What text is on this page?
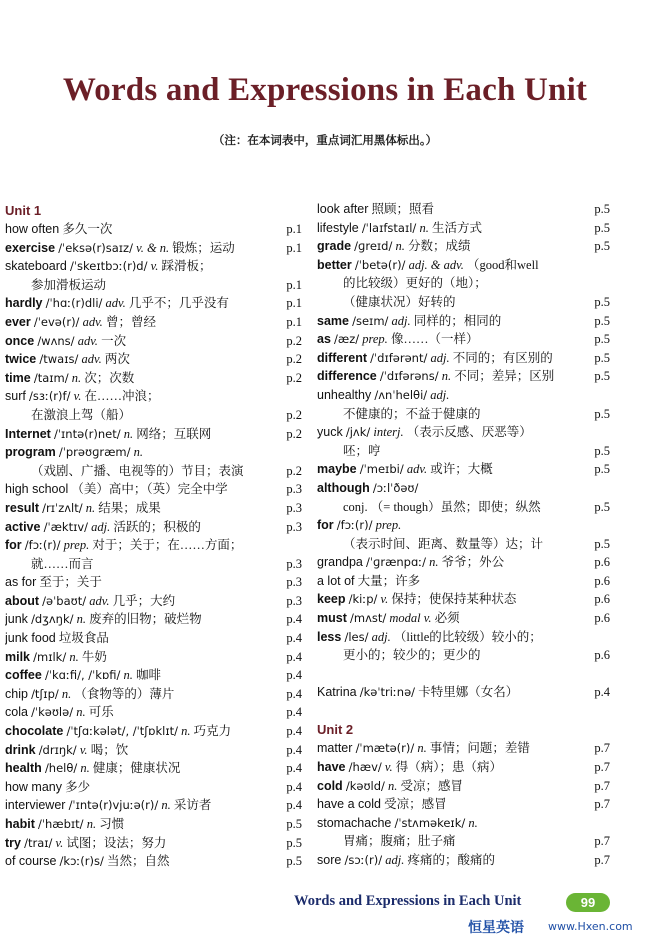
Words and Expressions in Each Unit
（注：在本词表中，重点词汇用黑体标出。）
Unit 1
how often 多久一次	p.1
exercise /ˈeksə(r)saɪz/ v. & n. 锻炼；运动	p.1
skateboard /ˈskeɪtbɔː(r)d/ v. 踩滑板；
参加滑板运动	p.1
hardly /ˈhɑː(r)dli/ adv. 几乎不；几乎没有	p.1
ever /ˈevə(r)/ adv. 曾；曾经	p.1
once /wʌns/ adv. 一次	p.2
twice /twaɪs/ adv. 两次	p.2
time /taɪm/ n. 次；次数	p.2
surf /sɜː(r)f/ v. 在……冲浪；
在激浪上驾（船）	p.2
Internet /ˈɪntə(r)net/ n. 网络；互联网	p.2
program /ˈprəʊɡræm/ n.
（戏剧、广播、电视等的）节目；表演	p.2
high school （美）高中；（英）完全中学	p.3
result /rɪˈzʌlt/ n. 结果；成果	p.3
active /ˈæktɪv/ adj. 活跃的；积极的	p.3
for /fɔː(r)/ prep. 对于；关于；在……方面；
就……而言	p.3
as for 至于；关于	p.3
about /əˈbaʊt/ adv. 几乎；大约	p.3
junk /dʒʌŋk/ n. 废弃的旧物；破烂物	p.4
junk food 垃圾食品	p.4
milk /mɪlk/ n. 牛奶	p.4
coffee /ˈkɑːfi/, /ˈkɒfi/ n. 咖啡	p.4
chip /tʃɪp/ n. （食物等的）薄片	p.4
cola /ˈkəʊlə/ n. 可乐	p.4
chocolate /ˈtʃɑːkələt/, /ˈtʃɒklɪt/ n. 巧克力	p.4
drink /drɪŋk/ v. 喝；饮	p.4
health /helθ/ n. 健康；健康状况	p.4
how many 多少	p.4
interviewer /ˈɪntə(r)vjuːə(r)/ n. 采访者	p.4
habit /ˈhæbɪt/ n. 习惯	p.5
try /traɪ/ v. 试图；设法；努力	p.5
of course /kɔː(r)s/ 当然；自然	p.5
look after 照顾；照看	p.5
lifestyle /ˈlaɪfstaɪl/ n. 生活方式	p.5
grade /ɡreɪd/ n. 分数；成绩	p.5
better /ˈbetə(r)/ adj. & adv. （good和well
的比较级）更好的（地）；
（健康状况）好转的	p.5
same /seɪm/ adj. 同样的；相同的	p.5
as /æz/ prep. 像……（一样）	p.5
different /ˈdɪfərənt/ adj. 不同的；有区别的	p.5
difference /ˈdɪfərəns/ n. 不同；差异；区别	p.5
unhealthy /ʌnˈhelθi/ adj.
不健康的；不益于健康的	p.5
yuck /jʌk/ interj. （表示反感、厌恶等）
呸；哼	p.5
maybe /ˈmeɪbi/ adv. 或许；大概	p.5
although /ɔːlˈðəʊ/
conj. （= though）虽然；即使；纵然	p.5
for /fɔː(r)/ prep.
（表示时间、距离、数量等）达；计	p.5
grandpa /ˈɡrænpɑː/ n. 爷爷；外公	p.6
a lot of 大量；许多	p.6
keep /kiːp/ v. 保持；使保持某种状态	p.6
must /mʌst/ modal v. 必须	p.6
less /les/ adj. （little的比较级）较小的；
更小的；较少的；更少的	p.6
Katrina /kəˈtriːnə/ 卡特里娜（女名）	p.4
Unit 2
matter /ˈmætə(r)/ n. 事情；问题；差错	p.7
have /hæv/ v. 得（病）；患（病）	p.7
cold /kəʊld/ n. 受凉；感冒	p.7
have a cold 受凉；感冒	p.7
stomachache /ˈstʌməkeɪk/ n.
胃痛；腹痛；肚子痛	p.7
sore /sɔː(r)/ adj. 疼痛的；酸痛的	p.7
Words and Expressions in Each Unit	99
恒星英语 www.Hxen.com
